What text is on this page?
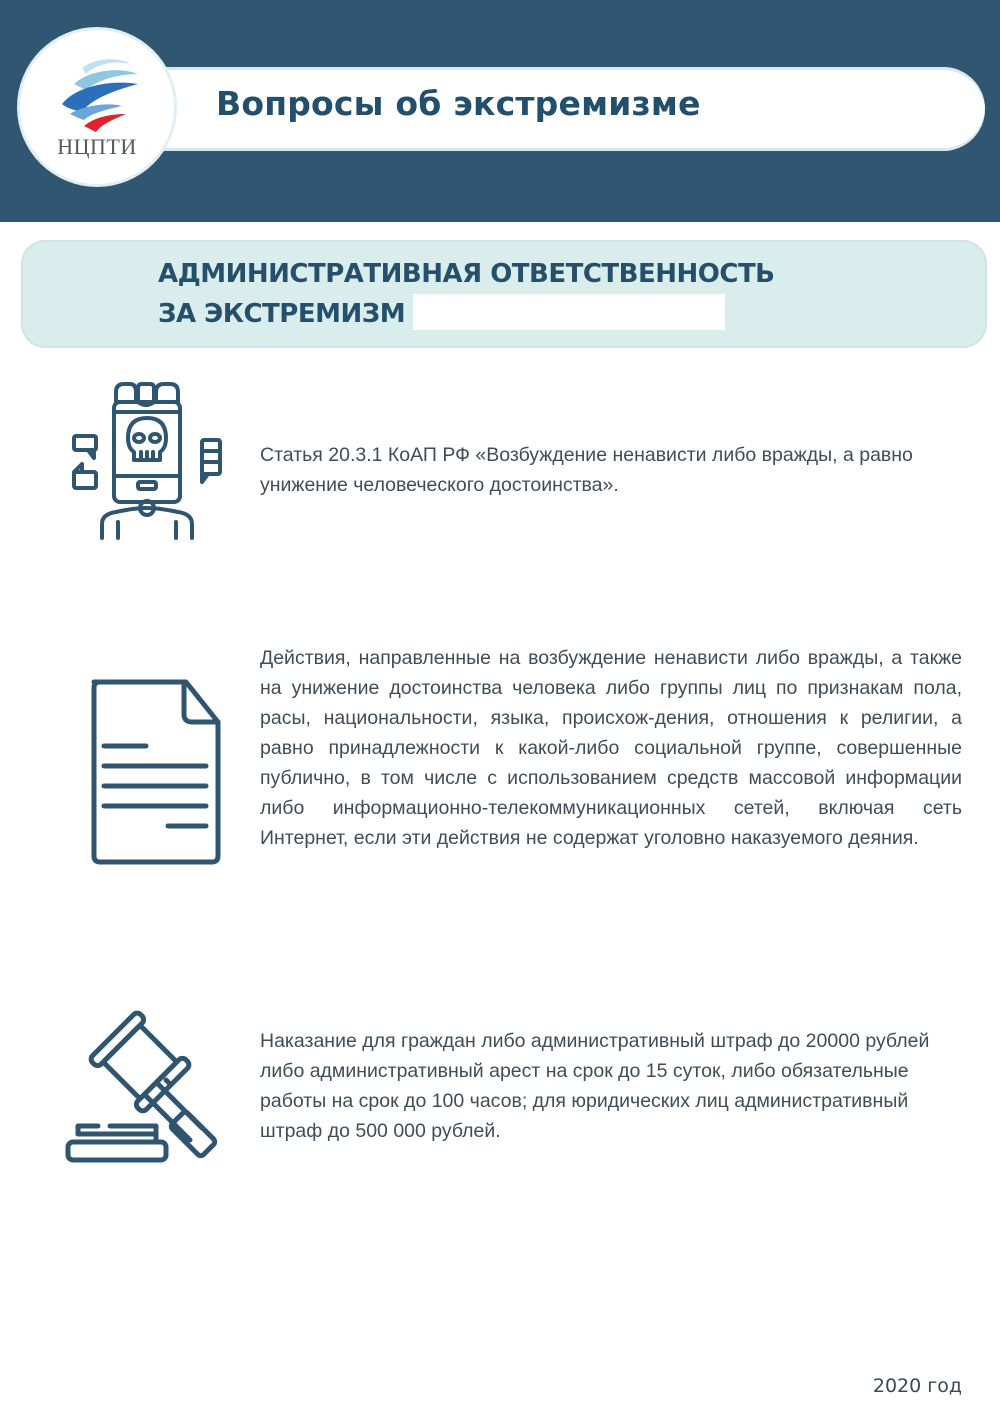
Вопросы об экстремизме
НЦПТИ
АДМИНИСТРАТИВНАЯ ОТВЕТСТВЕННОСТЬ
ЗА ЭКСТРЕМИЗМ
Статья 20.3.1 КоАП РФ «Возбуждение ненависти либо вражды, а равно унижение человеческого достоинства».
Действия, направленные на возбуждение ненависти либо вражды, а также на унижение достоинства человека либо группы лиц по признакам пола, расы, национальности, языка, происхож-дения, отношения к религии, а равно принадлежности к какой-либо социальной группе, совершенные публично, в том числе с использованием средств массовой информации либо информационно-телекоммуникационных сетей, включая сеть Интернет, если эти действия не содержат уголовно наказуемого деяния.
Наказание для граждан либо административный штраф до 20000 рублей либо административный арест на срок до 15 суток, либо обязательные работы на срок до 100 часов; для юридических лиц административный штраф до 500 000 рублей.
2020 год
